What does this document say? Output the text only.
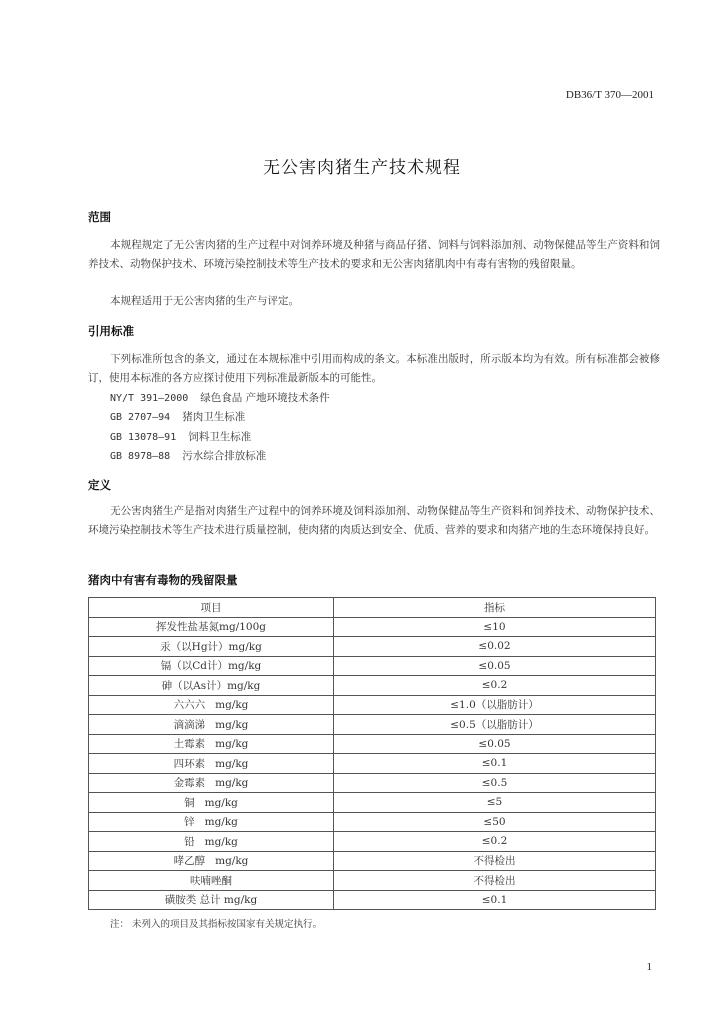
DB36/T 370—2001
无公害肉猪生产技术规程
范围
本规程规定了无公害肉猪的生产过程中对饲养环境及种猪与商品仔猪、饲料与饲料添加剂、动物保健品等生产资料和饲养技术、动物保护技术、环境污染控制技术等生产技术的要求和无公害肉猪肌肉中有毒有害物的残留限量。
本规程适用于无公害肉猪的生产与评定。
引用标准
下列标准所包含的条文，通过在本规标准中引用而构成的条文。本标准出版时，所示版本均为有效。所有标准都会被修订，使用本标准的各方应探讨使用下列标准最新版本的可能性。
NY/T 391—2000 绿色食品 产地环境技术条件
GB 2707—94 猪肉卫生标准
GB 13078—91 饲料卫生标准
GB 8978—88 污水综合排放标准
定义
无公害肉猪生产是指对肉猪生产过程中的饲养环境及饲料添加剂、动物保健品等生产资料和饲养技术、动物保护技术、环境污染控制技术等生产技术进行质量控制，使肉猪的肉质达到安全、优质、营养的要求和肉猪产地的生态环境保持良好。
猪肉中有害有毒物的残留限量
项目	指标
挥发性盐基氮mg/100g	≤10
汞（以Hg计）mg/kg	≤0.02
镉（以Cd计）mg/kg	≤0.05
砷（以As计）mg/kg	≤0.2
六六六   mg/kg	≤1.0（以脂肪计）
滴滴涕   mg/kg	≤0.5（以脂肪计）
土霉素   mg/kg	≤0.05
四环素   mg/kg	≤0.1
金霉素   mg/kg	≤0.5
铜   mg/kg	≤5
锌   mg/kg	≤50
铅   mg/kg	≤0.2
哮乙醇   mg/kg	不得检出
呋喃唑酮	不得检出
磺胺类 总计 mg/kg	≤0.1
注： 未列入的项目及其指标按国家有关规定执行。
1
